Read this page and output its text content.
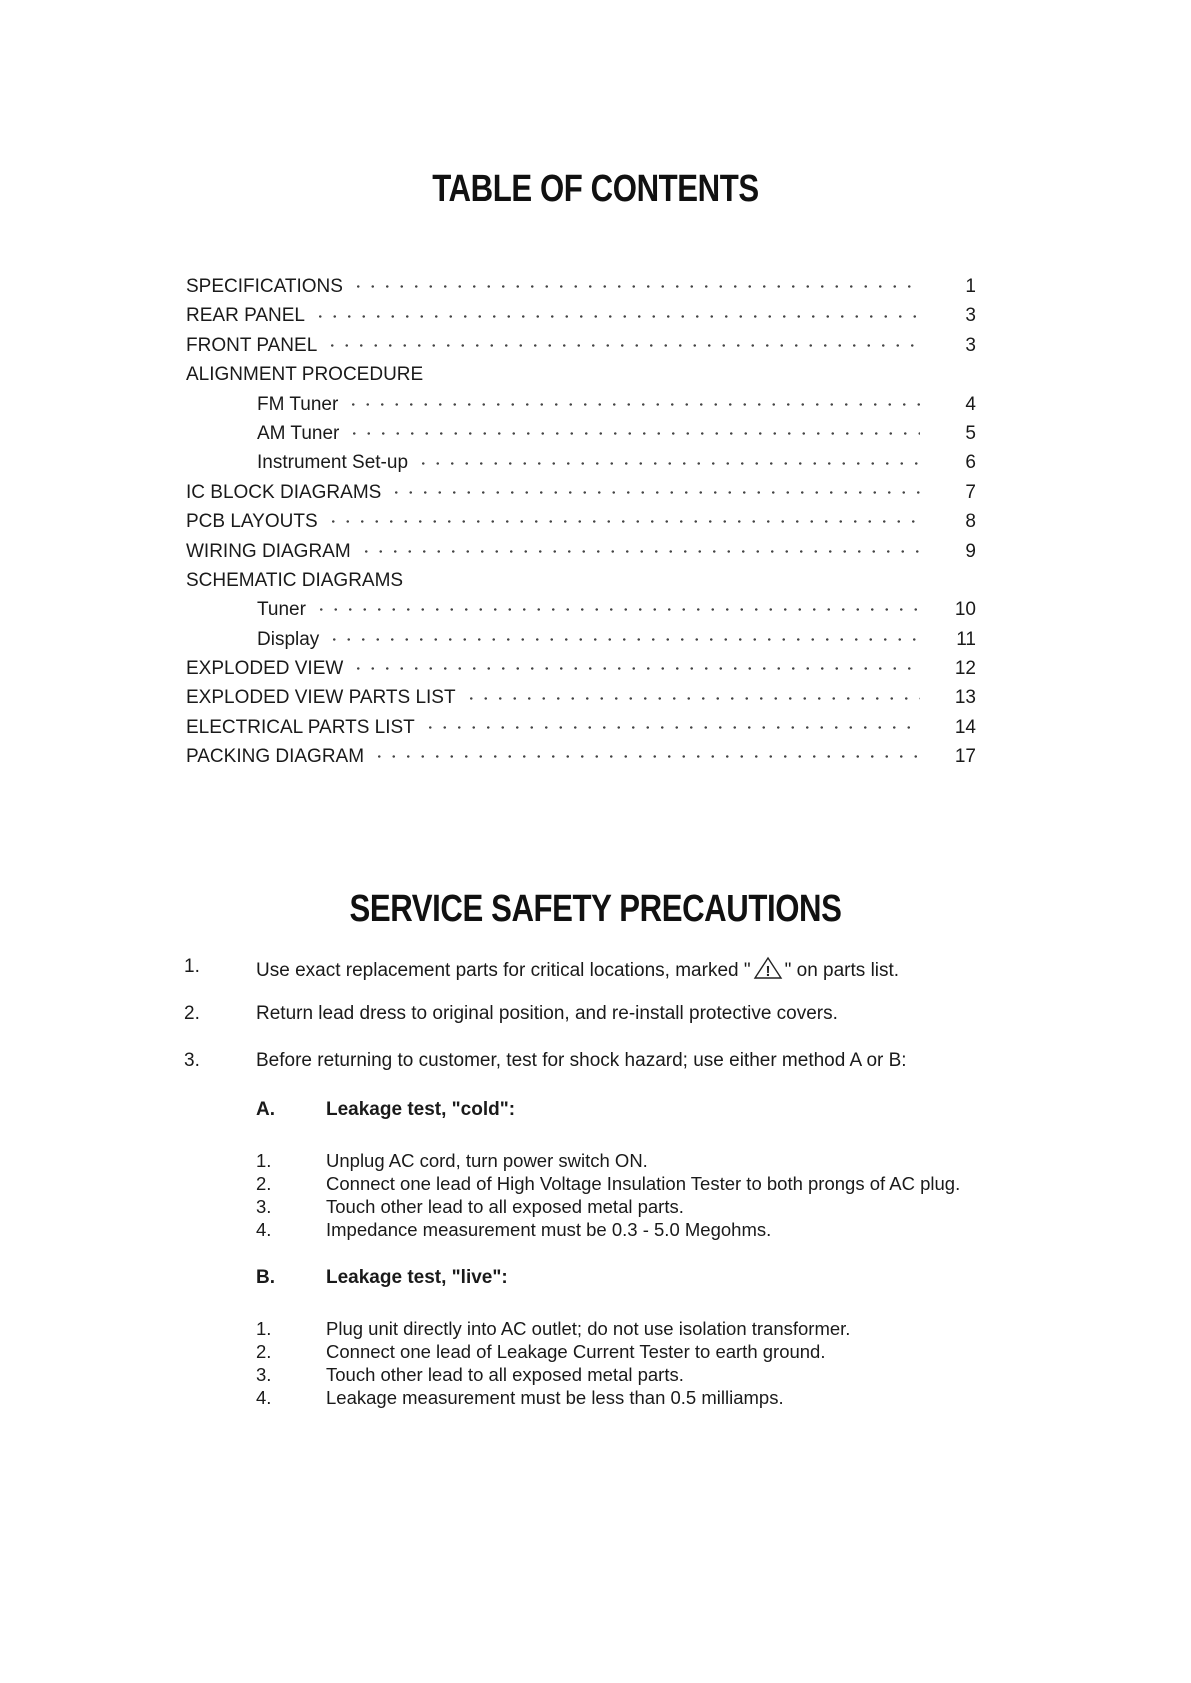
TABLE OF CONTENTS
SPECIFICATIONS	1
REAR PANEL	3
FRONT PANEL	3
ALIGNMENT PROCEDURE
FM Tuner	4
AM Tuner	5
Instrument Set-up	6
IC BLOCK DIAGRAMS	7
PCB LAYOUTS	8
WIRING DIAGRAM	9
SCHEMATIC DIAGRAMS
Tuner	10
Display	11
EXPLODED VIEW	12
EXPLODED VIEW PARTS LIST	13
ELECTRICAL PARTS LIST	14
PACKING DIAGRAM	17
SERVICE SAFETY PRECAUTIONS
1.	Use exact replacement parts for critical locations, marked " ! " on parts list.
2.	Return lead dress to original position, and re-install protective covers.
3.	Before returning to customer, test for shock hazard; use either method A or B:
A.	Leakage test, "cold":
1.	Unplug AC cord, turn power switch ON.
2.	Connect one lead of High Voltage Insulation Tester to both prongs of AC plug.
3.	Touch other lead to all exposed metal parts.
4.	Impedance measurement must be 0.3 - 5.0 Megohms.
B.	Leakage test, "live":
1.	Plug unit directly into AC outlet; do not use isolation transformer.
2.	Connect one lead of Leakage Current Tester to earth ground.
3.	Touch other lead to all exposed metal parts.
4.	Leakage measurement must be less than 0.5 milliamps.
